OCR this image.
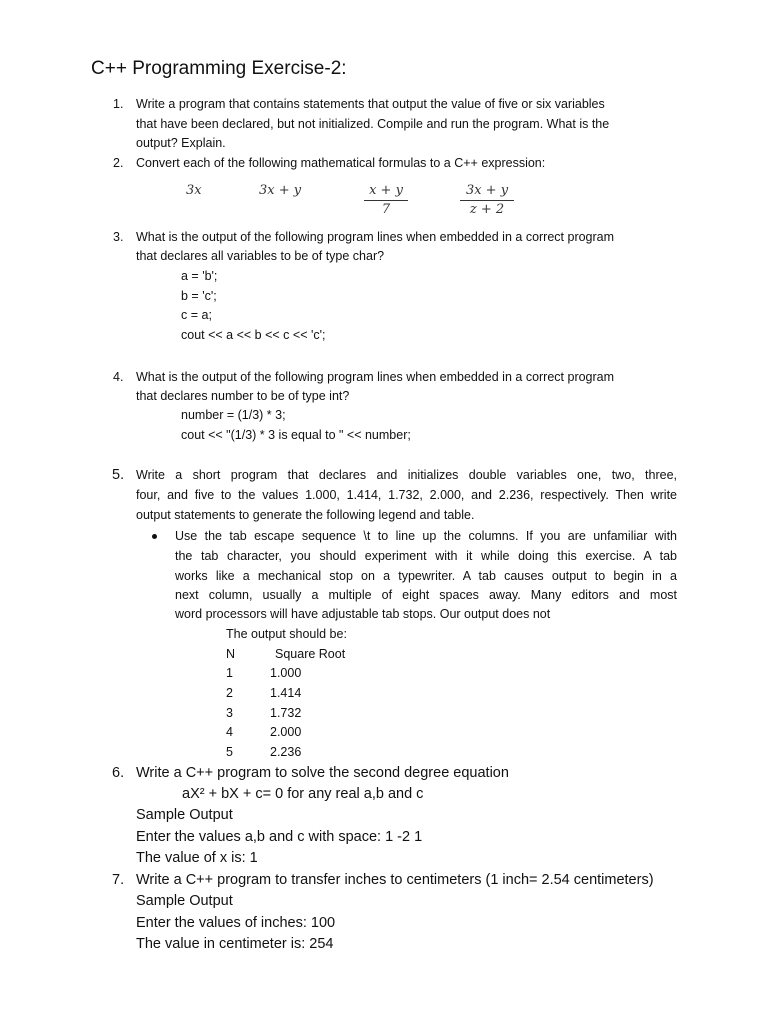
C++ Programming Exercise-2:
1. Write a program that contains statements that output the value of five or six variables
that have been declared, but not initialized. Compile and run the program. What is the
output? Explain.
2. Convert each of the following mathematical formulas to a C++ expression:
3x	3x + y	x + y
7
3x + y
z + 2
3. What is the output of the following program lines when embedded in a correct program
that declares all variables to be of type char?
a = 'b';
b = 'c';
c = a;
cout << a << b << c << 'c';
4. What is the output of the following program lines when embedded in a correct program
that declares number to be of type int?
number = (1/3) * 3;
cout << "(1/3) * 3 is equal to " << number;
5. Write a short program that declares and initializes double variables one, two, three,
four, and five to the values 1.000, 1.414, 1.732, 2.000, and 2.236, respectively. Then write
output statements to generate the following legend and table.
Use the tab escape sequence \t to line up the columns. If you are unfamiliar with
the tab character, you should experiment with it while doing this exercise. A tab
works like a mechanical stop on a typewriter. A tab causes output to begin in a
next column, usually a multiple of eight spaces away. Many editors and most
word processors will have adjustable tab stops. Our output does not
The output should be:
N	Square Root
1	1.000
2	1.414
3	1.732
4	2.000
5	2.236
6. Write a C++ program to solve the second degree equation
aX² + bX + c= 0 for any real a,b and c
Sample Output
Enter the values a,b and c with space: 1 -2 1
The value of x is: 1
7. Write a C++ program to transfer inches to centimeters (1 inch= 2.54 centimeters)
Sample Output
Enter the values of inches: 100
The value in centimeter is: 254
